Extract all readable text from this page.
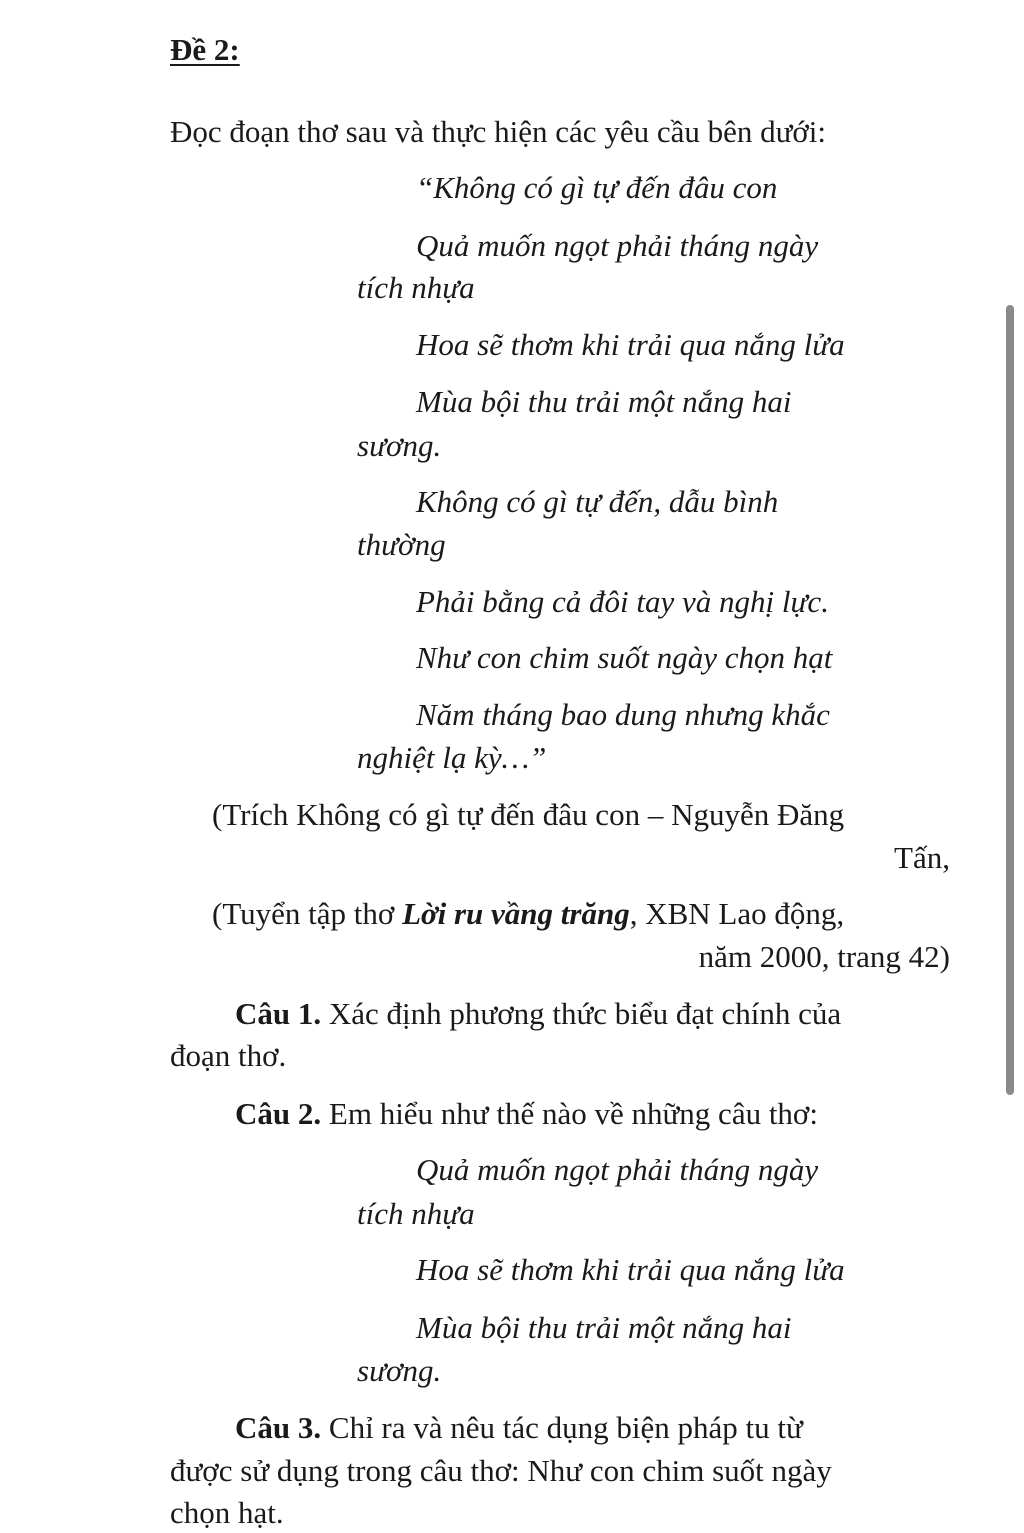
Đề 2:
Đọc đoạn thơ sau và thực hiện các yêu cầu bên dưới:
“Không có gì tự đến đâu con
Quả muốn ngọt phải tháng ngày
tích nhựa
Hoa sẽ thơm khi trải qua nắng lửa
Mùa bội thu trải một nắng hai
sương.
Không có gì tự đến, dẫu bình
thường
Phải bằng cả đôi tay và nghị lực.
Như con chim suốt ngày chọn hạt
Năm tháng bao dung nhưng khắc
nghiệt lạ kỳ…”
(Trích Không có gì tự đến đâu con – Nguyễn Đăng
Tấn,
(Tuyển tập thơ Lời ru vầng trăng, XBN Lao động,
năm 2000, trang 42)
Câu 1. Xác định phương thức biểu đạt chính của
đoạn thơ.
Câu 2. Em hiểu như thế nào về những câu thơ:
Quả muốn ngọt phải tháng ngày
tích nhựa
Hoa sẽ thơm khi trải qua nắng lửa
Mùa bội thu trải một nắng hai
sương.
Câu 3. Chỉ ra và nêu tác dụng biện pháp tu từ
được sử dụng trong câu thơ: Như con chim suốt ngày
chọn hạt.
